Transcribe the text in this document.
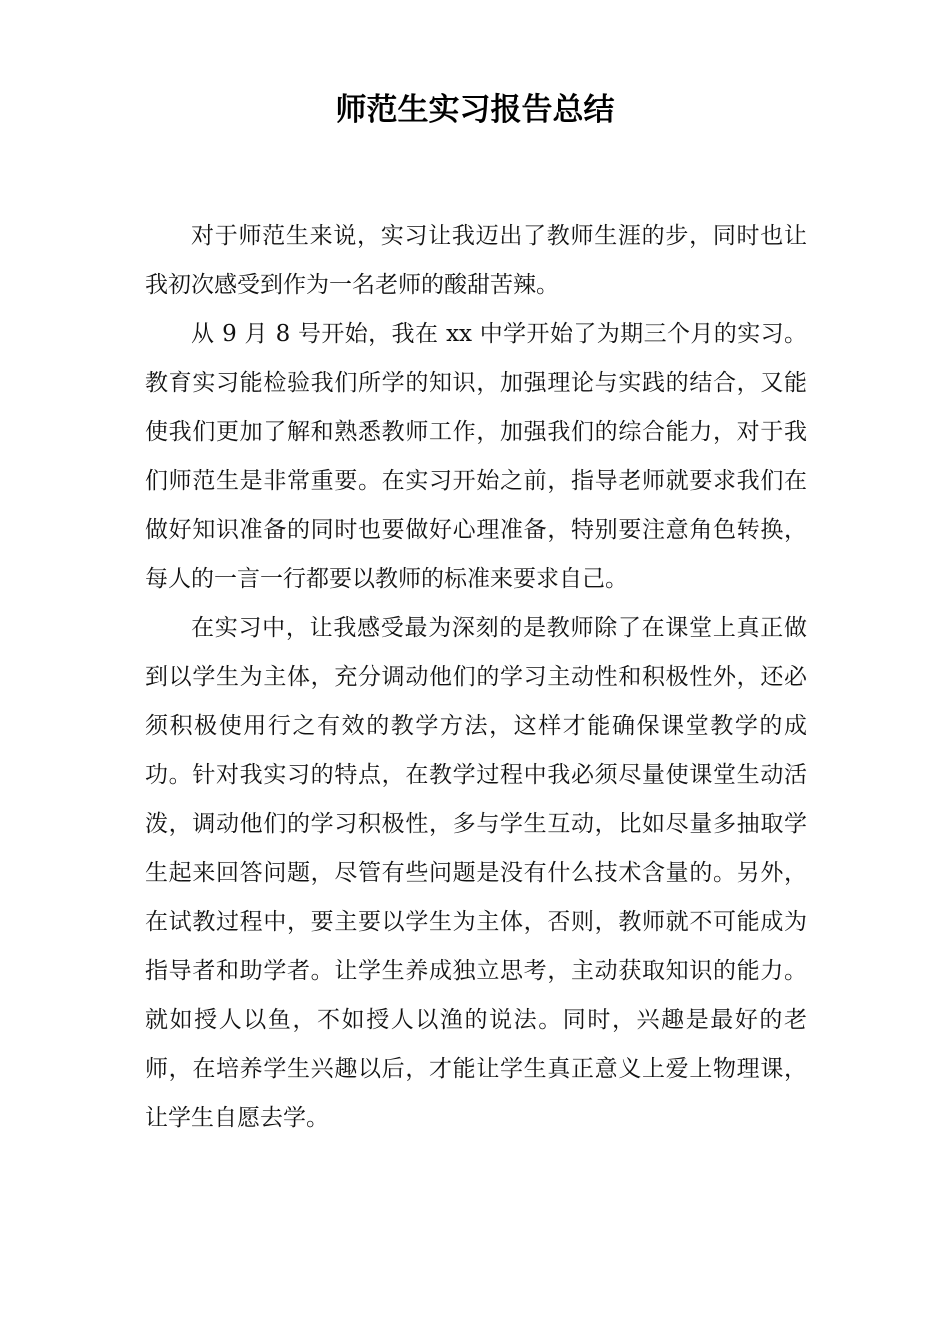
师范生实习报告总结

对于师范生来说，实习让我迈出了教师生涯的步，同时也让我初次感受到作为一名老师的酸甜苦辣。

从 9 月 8 号开始，我在 xx 中学开始了为期三个月的实习。教育实习能检验我们所学的知识，加强理论与实践的结合，又能使我们更加了解和熟悉教师工作，加强我们的综合能力，对于我们师范生是非常重要。在实习开始之前，指导老师就要求我们在做好知识准备的同时也要做好心理准备，特别要注意角色转换，每人的一言一行都要以教师的标准来要求自己。

在实习中，让我感受最为深刻的是教师除了在课堂上真正做到以学生为主体，充分调动他们的学习主动性和积极性外，还必须积极使用行之有效的教学方法，这样才能确保课堂教学的成功。针对我实习的特点，在教学过程中我必须尽量使课堂生动活泼，调动他们的学习积极性，多与学生互动，比如尽量多抽取学生起来回答问题，尽管有些问题是没有什么技术含量的。另外，在试教过程中，要主要以学生为主体，否则，教师就不可能成为指导者和助学者。让学生养成独立思考，主动获取知识的能力。就如授人以鱼，不如授人以渔的说法。同时，兴趣是最好的老师，在培养学生兴趣以后，才能让学生真正意义上爱上物理课，让学生自愿去学。
